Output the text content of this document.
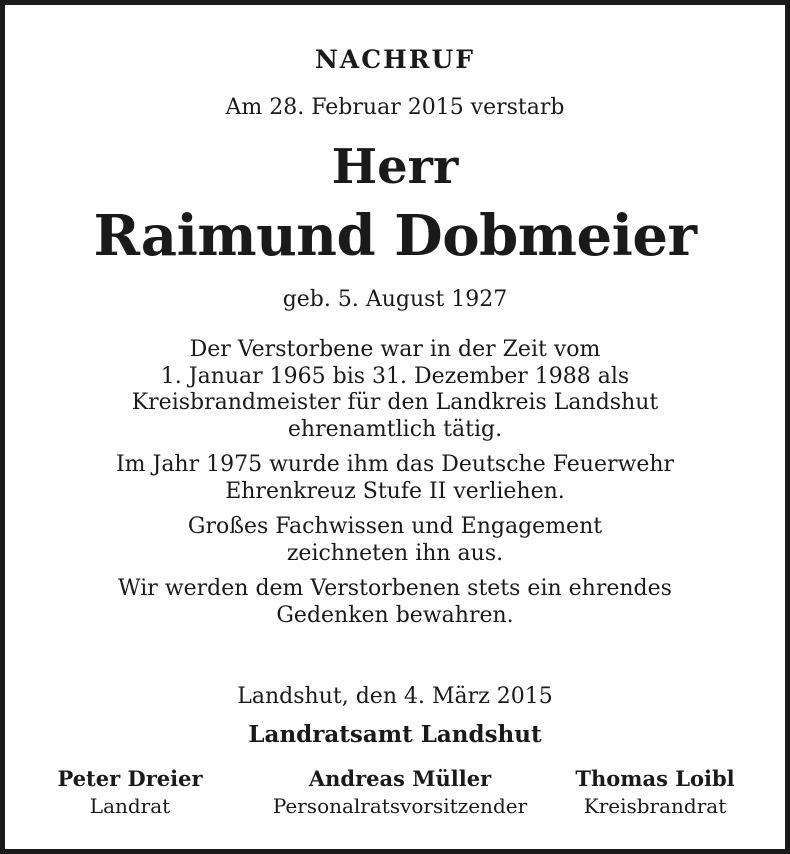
NACHRUF
Am 28. Februar 2015 verstarb
Herr
Raimund Dobmeier
geb. 5. August 1927

Der Verstorbene war in der Zeit vom
1. Januar 1965 bis 31. Dezember 1988 als
Kreisbrandmeister für den Landkreis Landshut
ehrenamtlich tätig.

Im Jahr 1975 wurde ihm das Deutsche Feuerwehr
Ehrenkreuz Stufe II verliehen.

Großes Fachwissen und Engagement
zeichneten ihn aus.

Wir werden dem Verstorbenen stets ein ehrendes
Gedenken bewahren.

Landshut, den 4. März 2015
Landratsamt Landshut
Peter Dreier
Landrat
Andreas Müller
Personalratsvorsitzender
Thomas Loibl
Kreisbrandrat
